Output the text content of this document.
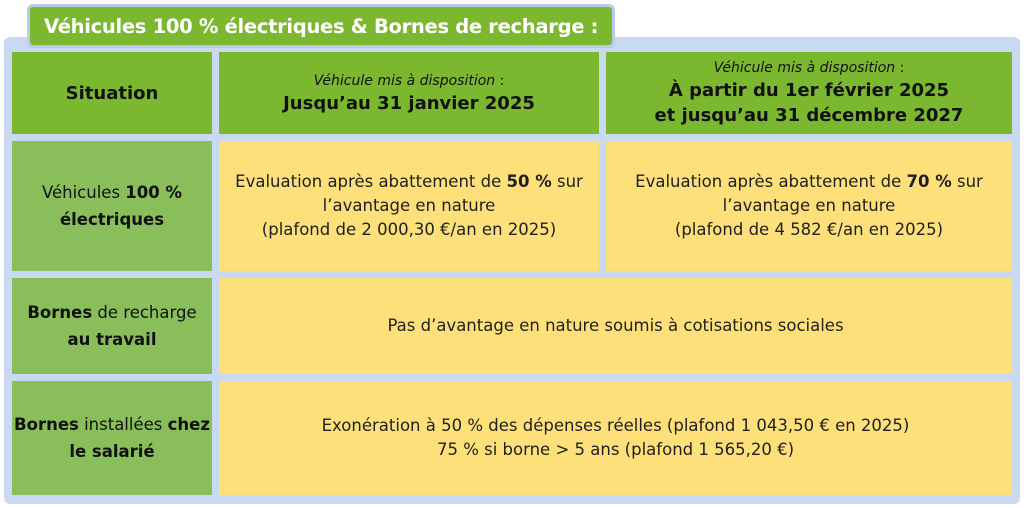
Véhicules 100 % électriques & Bornes de recharge :
Situation
Véhicule mis à disposition :
Jusqu’au 31 janvier 2025
Véhicule mis à disposition :
À partir du 1er février 2025
et jusqu’au 31 décembre 2027
Véhicules 100 %
électriques
Evaluation après abattement de 50 % sur
l’avantage en nature
(plafond de 2 000,30 €/an en 2025)
Evaluation après abattement de 70 % sur
l’avantage en nature
(plafond de 4 582 €/an en 2025)
Bornes de recharge
au travail
Pas d’avantage en nature soumis à cotisations sociales
Bornes installées chez
le salarié
Exonération à 50 % des dépenses réelles (plafond 1 043,50 € en 2025)
75 % si borne > 5 ans (plafond 1 565,20 €)
